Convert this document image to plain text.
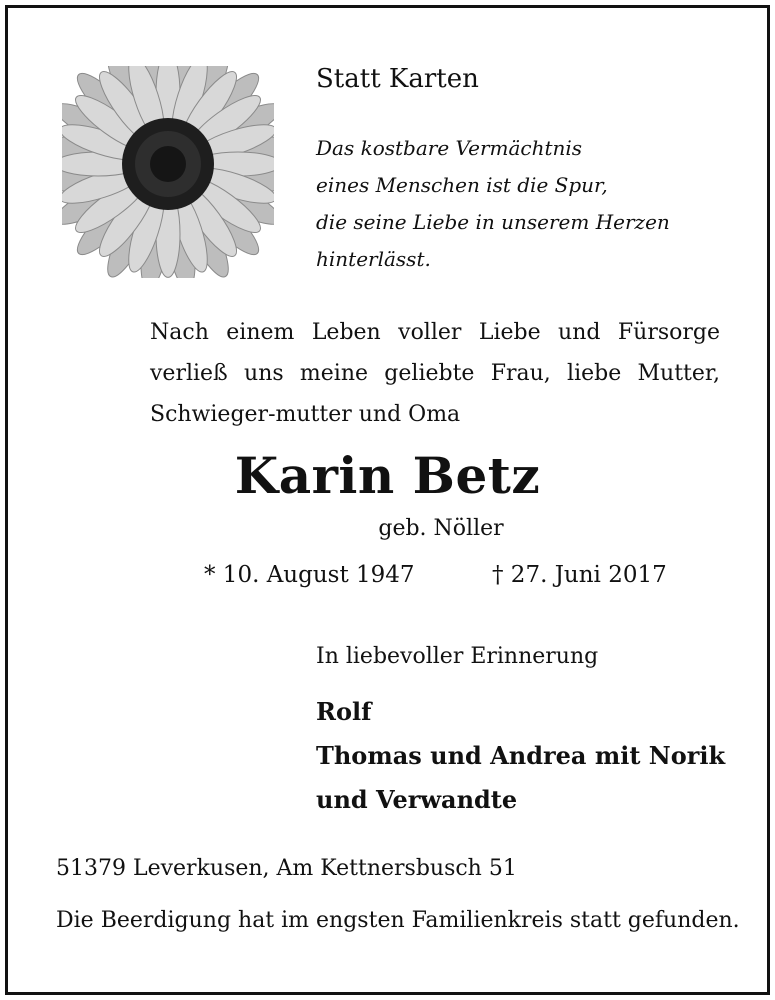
Statt Karten
Das kostbare Vermächtnis
eines Menschen ist die Spur,
die seine Liebe in unserem Herzen
hinterlässt.
Nach einem Leben voller Liebe und Fürsorge verließ uns meine geliebte Frau, liebe Mutter, Schwieger-mutter und Oma
Karin Betz
geb. Nöller
* 10. August 1947	† 27. Juni 2017
In liebevoller Erinnerung
Rolf
Thomas und Andrea mit Norik
und Verwandte
51379 Leverkusen, Am Kettnersbusch 51
Die Beerdigung hat im engsten Familienkreis statt gefunden.
